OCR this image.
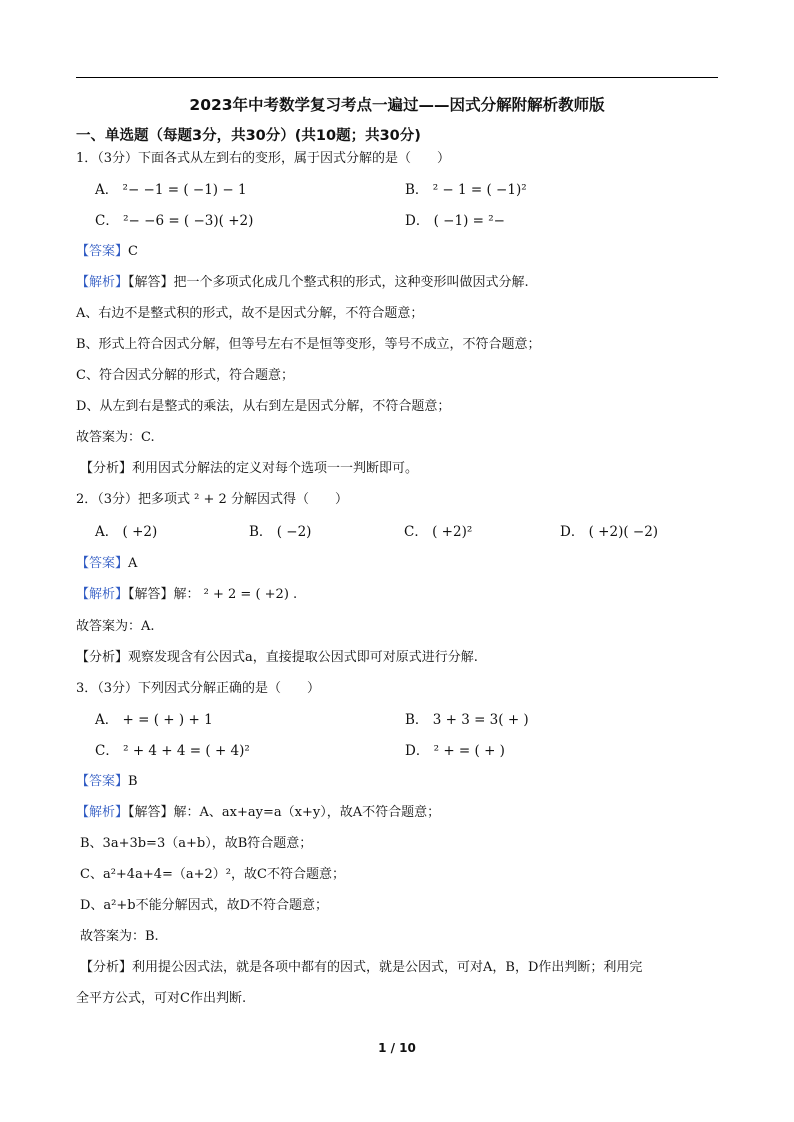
2023年中考数学复习考点一遍过——因式分解附解析教师版
一、单选题（每题3分，共30分）(共10题；共30分)
1．（3分）下面各式从左到右的变形，属于因式分解的是（　　）
A． ²− −1 = ( −1) − 1	B． ² − 1 = ( −1)²
C． ²− −6 = ( −3)( +2)	D． ( −1) = ²−
【答案】C
【解析】【解答】把一个多项式化成几个整式积的形式，这种变形叫做因式分解.
A、右边不是整式积的形式，故不是因式分解，不符合题意；
B、形式上符合因式分解，但等号左右不是恒等变形，等号不成立，不符合题意；
C、符合因式分解的形式，符合题意；
D、从左到右是整式的乘法，从右到左是因式分解，不符合题意；
故答案为：C.
【分析】利用因式分解法的定义对每个选项一一判断即可。
2．（3分）把多项式 ² + 2 分解因式得（　　）
A． ( +2)	B． ( −2)	C． ( +2)²	D． ( +2)( −2)
【答案】A
【解析】【解答】解： ² + 2 = ( +2) .
故答案为：A.
【分析】观察发现含有公因式a，直接提取公因式即可对原式进行分解.
3．（3分）下列因式分解正确的是（　　）
A． + = ( + ) + 1	B． 3 + 3 = 3( + )
C． ² + 4 + 4 = ( + 4)²	D． ² + = ( + )
【答案】B
【解析】【解答】解：A、ax+ay=a（x+y），故A不符合题意；
B、3a+3b=3（a+b），故B符合题意；
C、a²+4a+4=（a+2）²，故C不符合题意；
D、a²+b不能分解因式，故D不符合题意；
故答案为：B.
【分析】利用提公因式法，就是各项中都有的因式，就是公因式，可对A，B，D作出判断；利用完
全平方公式，可对C作出判断.
1 / 10
